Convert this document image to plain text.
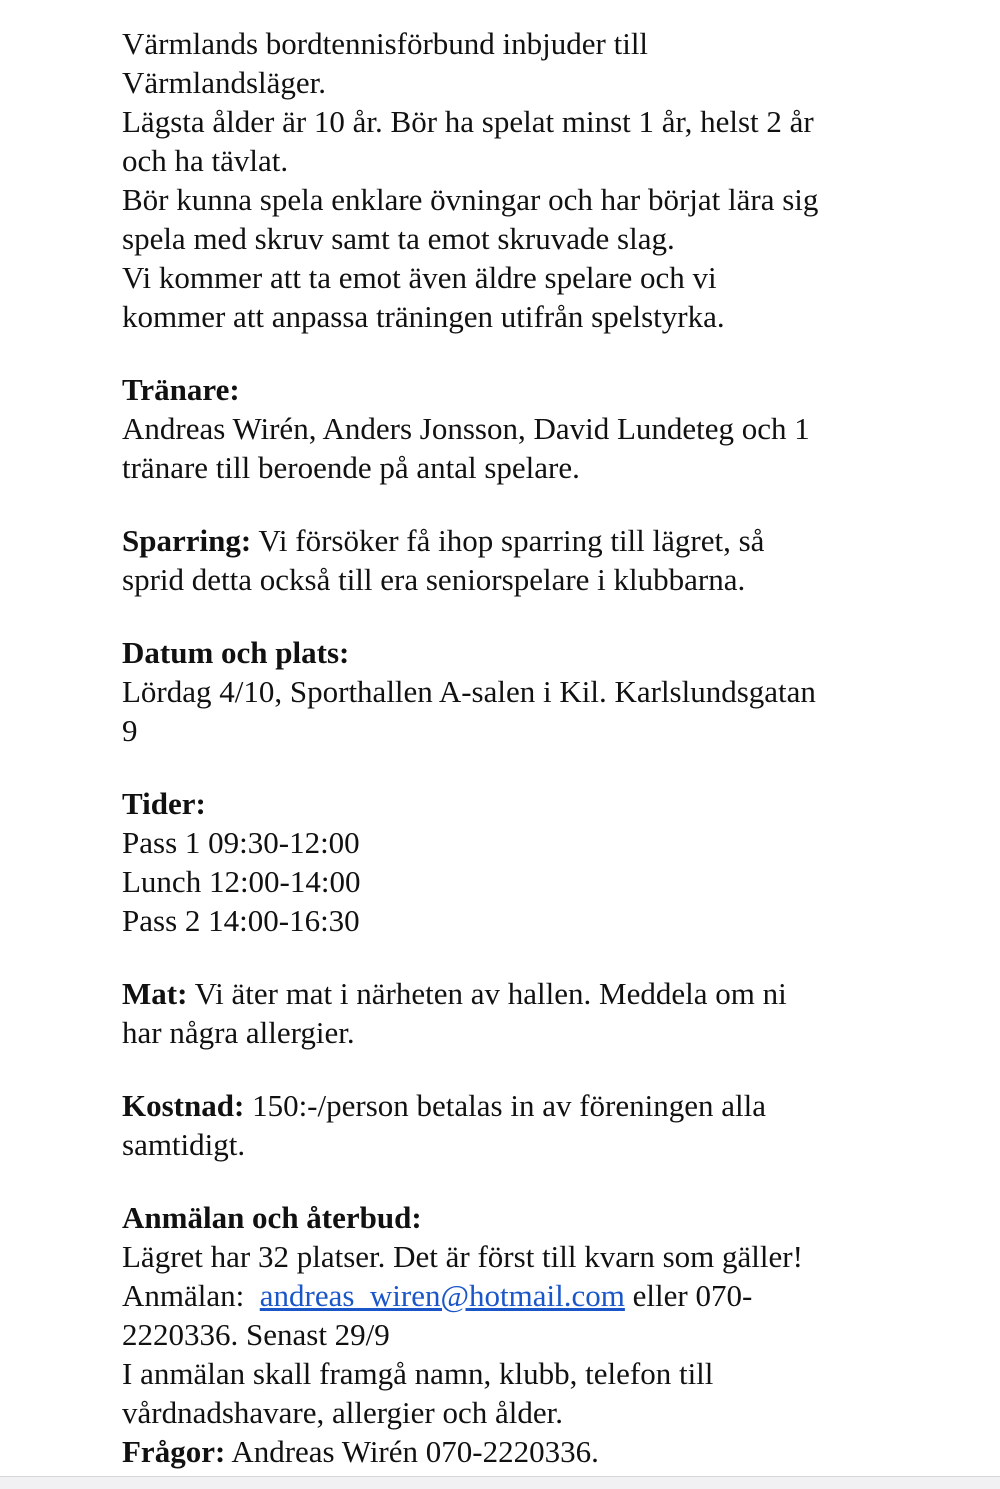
Värmlands bordtennisförbund inbjuder till
Värmlandsläger.
Lägsta ålder är 10 år. Bör ha spelat minst 1 år, helst 2 år
och ha tävlat.
Bör kunna spela enklare övningar och har börjat lära sig
spela med skruv samt ta emot skruvade slag.
Vi kommer att ta emot även äldre spelare och vi
kommer att anpassa träningen utifrån spelstyrka.
Tränare:
Andreas Wirén, Anders Jonsson, David Lundeteg och 1
tränare till beroende på antal spelare.
Sparring: Vi försöker få ihop sparring till lägret, så
sprid detta också till era seniorspelare i klubbarna.
Datum och plats:
Lördag 4/10, Sporthallen A-salen i Kil. Karlslundsgatan
9
Tider:
Pass 1 09:30-12:00
Lunch 12:00-14:00
Pass 2 14:00-16:30
Mat: Vi äter mat i närheten av hallen. Meddela om ni
har några allergier.
Kostnad: 150:-/person betalas in av föreningen alla
samtidigt.
Anmälan och återbud:
Lägret har 32 platser. Det är först till kvarn som gäller!
Anmälan:  andreas_wiren@hotmail.com eller 070-
2220336. Senast 29/9
I anmälan skall framgå namn, klubb, telefon till
vårdnadshavare, allergier och ålder.
Frågor: Andreas Wirén 070-2220336.
